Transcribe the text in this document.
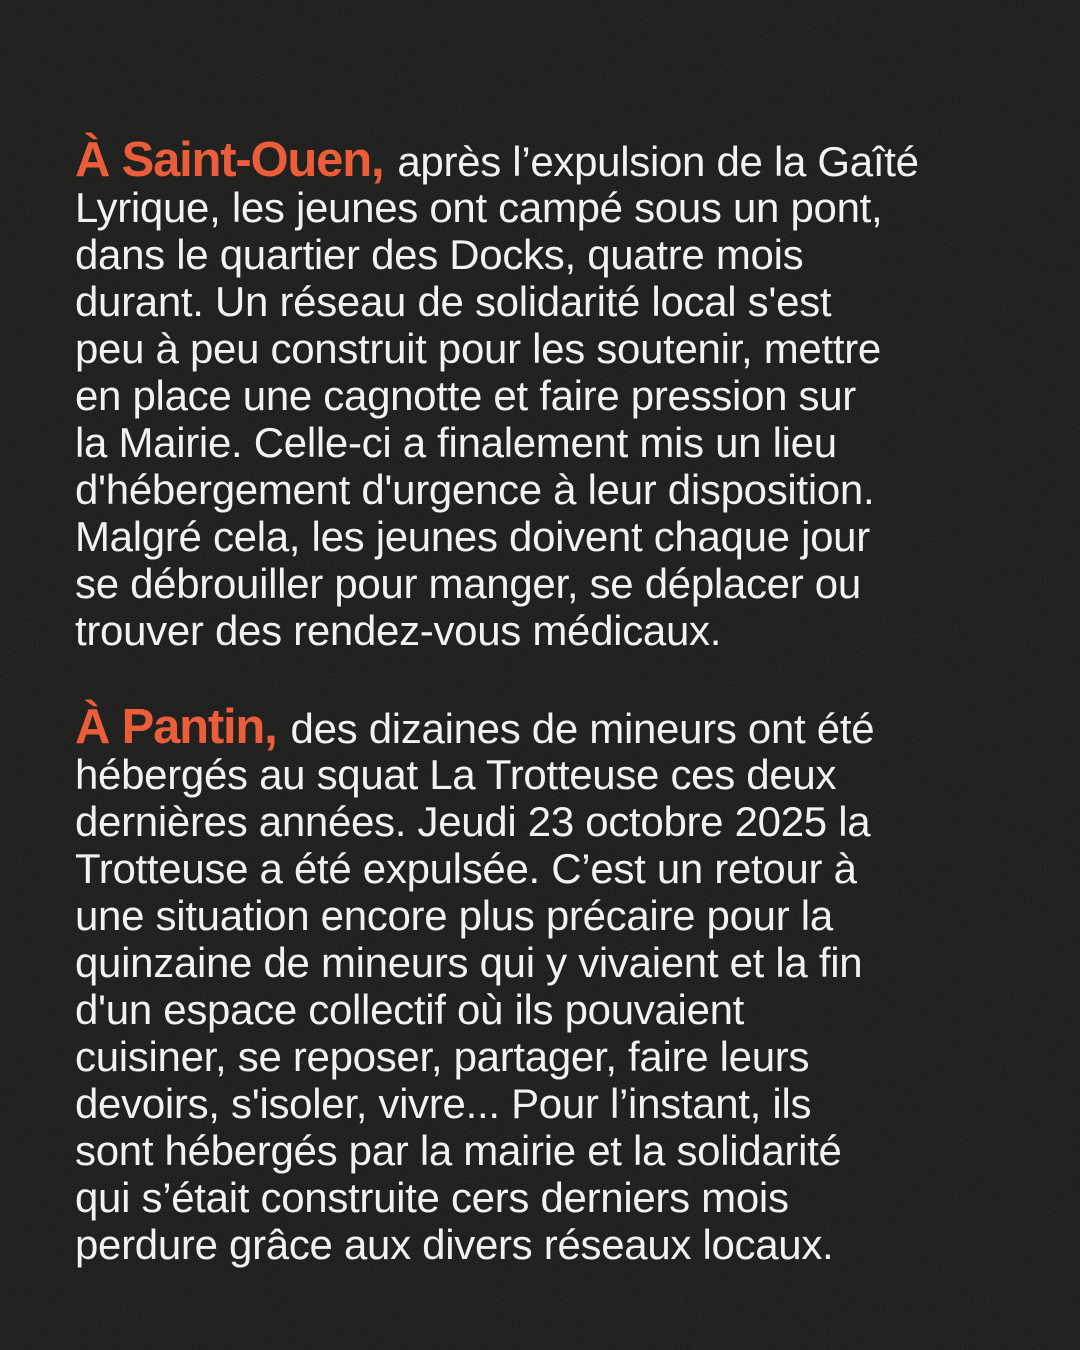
À Saint-Ouen, après l’expulsion de la Gaîté
Lyrique, les jeunes ont campé sous un pont,
dans le quartier des Docks, quatre mois
durant. Un réseau de solidarité local s'est
peu à peu construit pour les soutenir, mettre
en place une cagnotte et faire pression sur
la Mairie. Celle-ci a finalement mis un lieu
d'hébergement d'urgence à leur disposition.
Malgré cela, les jeunes doivent chaque jour
se débrouiller pour manger, se déplacer ou
trouver des rendez-vous médicaux.
À Pantin, des dizaines de mineurs ont été
hébergés au squat La Trotteuse ces deux
dernières années. Jeudi 23 octobre 2025 la
Trotteuse a été expulsée. C’est un retour à
une situation encore plus précaire pour la
quinzaine de mineurs qui y vivaient et la fin
d'un espace collectif où ils pouvaient
cuisiner, se reposer, partager, faire leurs
devoirs, s'isoler, vivre... Pour l’instant, ils
sont hébergés par la mairie et la solidarité
qui s’était construite cers derniers mois
perdure grâce aux divers réseaux locaux.
